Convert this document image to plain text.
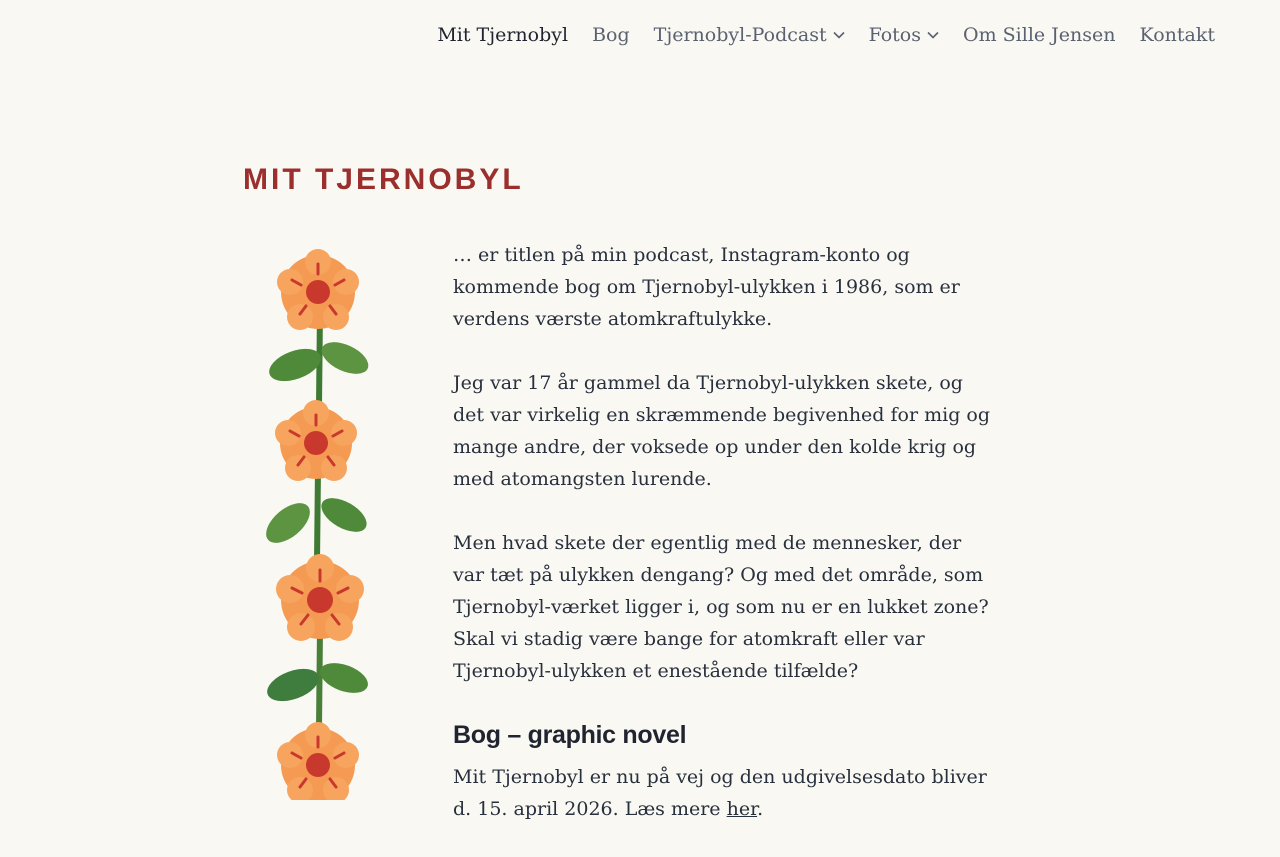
Mit Tjernobyl Bog Tjernobyl-Podcast Fotos Om Sille Jensen Kontakt
MIT TJERNOBYL

… er titlen på min podcast, Instagram-konto og kommende bog om Tjernobyl-ulykken i 1986, som er verdens værste atomkraftulykke.

Jeg var 17 år gammel da Tjernobyl-ulykken skete, og det var virkelig en skræmmende begivenhed for mig og mange andre, der voksede op under den kolde krig og med atomangsten lurende.

Men hvad skete der egentlig med de mennesker, der var tæt på ulykken dengang? Og med det område, som Tjernobyl-værket ligger i, og som nu er en lukket zone? Skal vi stadig være bange for atomkraft eller var Tjernobyl-ulykken et enestående tilfælde?

Bog – graphic novel

Mit Tjernobyl er nu på vej og den udgivelsesdato bliver d. 15. april 2026. Læs mere her.
